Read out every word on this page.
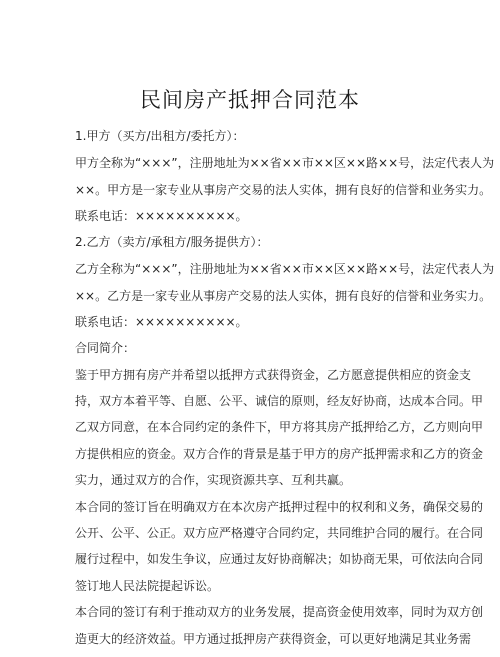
民间房产抵押合同范本
1.甲方（买方/出租方/委托方）：
甲方全称为“×××”，注册地址为××省××市××区××路××号，法定代表人为
××。甲方是一家专业从事房产交易的法人实体，拥有良好的信誉和业务实力。
联系电话：××××××××××。
2.乙方（卖方/承租方/服务提供方）：
乙方全称为“×××”，注册地址为××省××市××区××路××号，法定代表人为
××。乙方是一家专业从事房产交易的法人实体，拥有良好的信誉和业务实力。
联系电话：××××××××××。
合同简介：
鉴于甲方拥有房产并希望以抵押方式获得资金，乙方愿意提供相应的资金支
持，双方本着平等、自愿、公平、诚信的原则，经友好协商，达成本合同。甲
乙双方同意，在本合同约定的条件下，甲方将其房产抵押给乙方，乙方则向甲
方提供相应的资金。双方合作的背景是基于甲方的房产抵押需求和乙方的资金
实力，通过双方的合作，实现资源共享、互利共赢。
本合同的签订旨在明确双方在本次房产抵押过程中的权利和义务，确保交易的
公开、公平、公正。双方应严格遵守合同约定，共同维护合同的履行。在合同
履行过程中，如发生争议，应通过友好协商解决；如协商无果，可依法向合同
签订地人民法院提起诉讼。
本合同的签订有利于推动双方的业务发展，提高资金使用效率，同时为双方创
造更大的经济效益。甲方通过抵押房产获得资金，可以更好地满足其业务需
